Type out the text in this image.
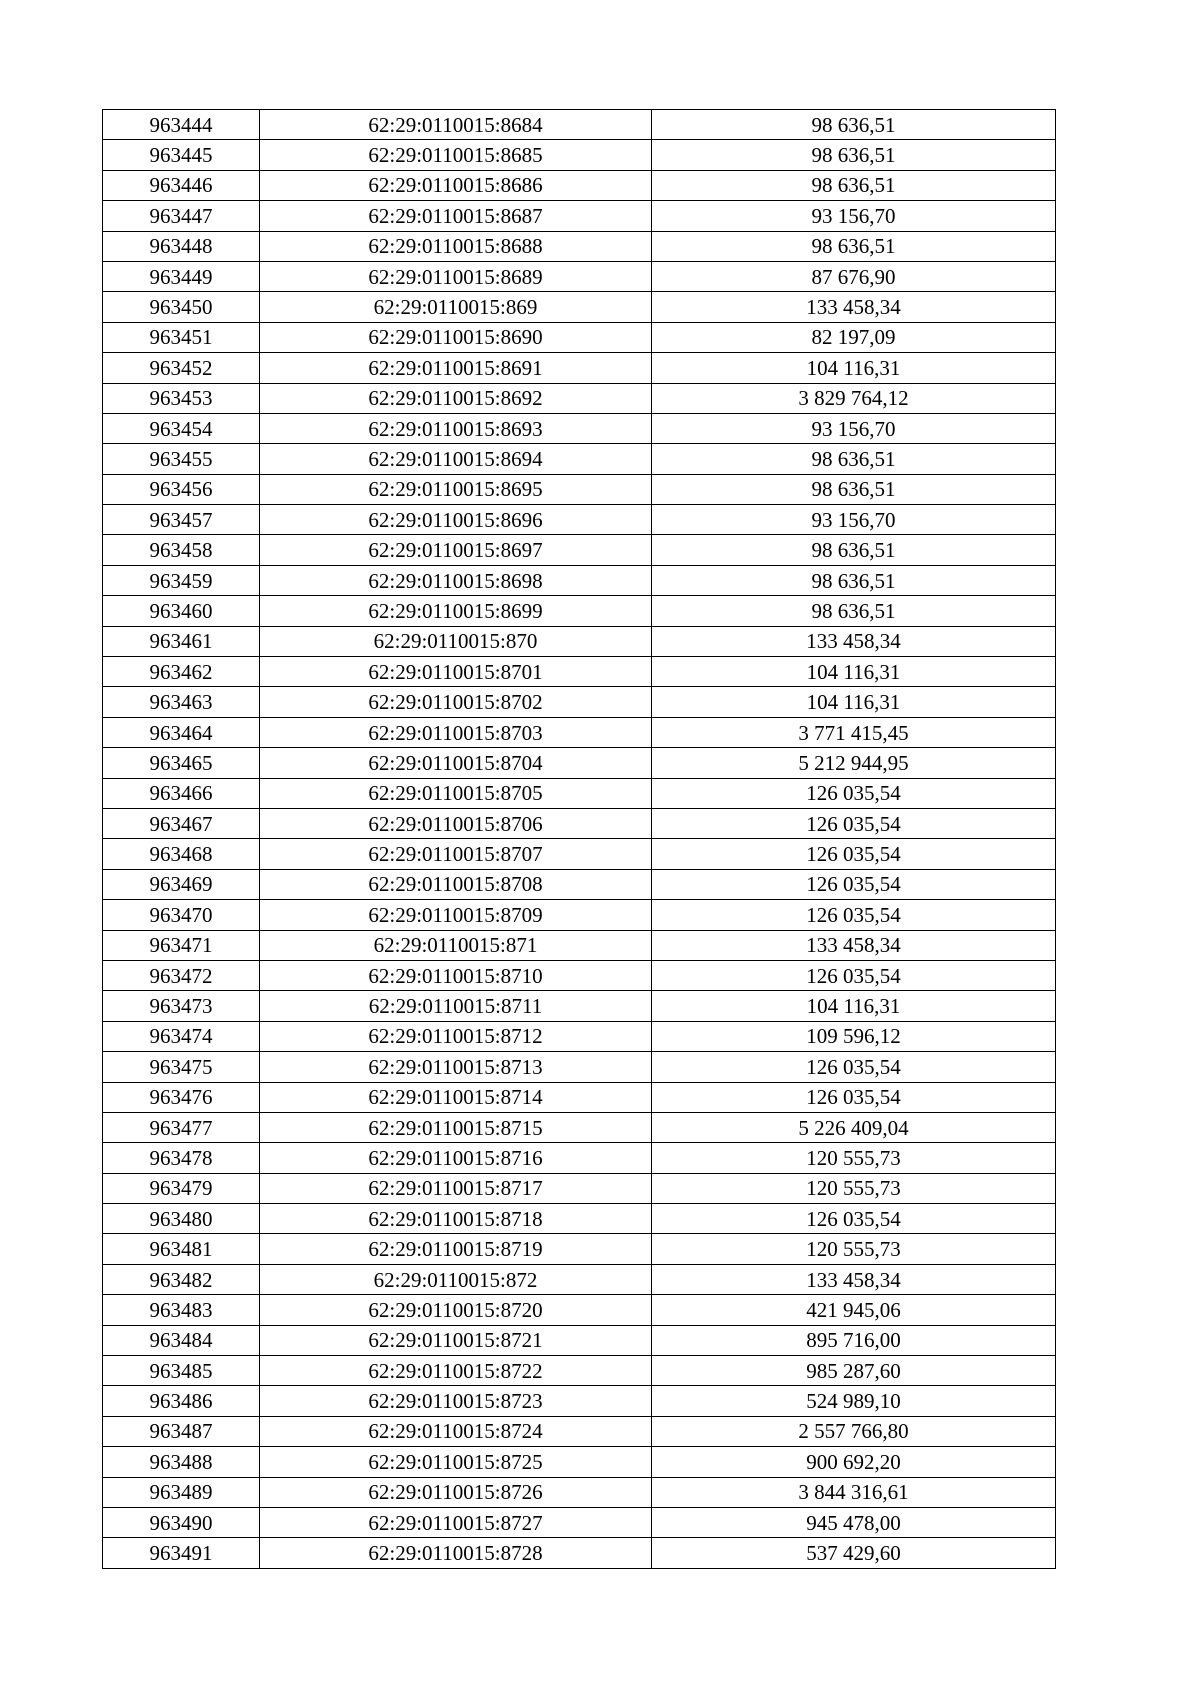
963444	62:29:0110015:8684	98 636,51
963445	62:29:0110015:8685	98 636,51
963446	62:29:0110015:8686	98 636,51
963447	62:29:0110015:8687	93 156,70
963448	62:29:0110015:8688	98 636,51
963449	62:29:0110015:8689	87 676,90
963450	62:29:0110015:869	133 458,34
963451	62:29:0110015:8690	82 197,09
963452	62:29:0110015:8691	104 116,31
963453	62:29:0110015:8692	3 829 764,12
963454	62:29:0110015:8693	93 156,70
963455	62:29:0110015:8694	98 636,51
963456	62:29:0110015:8695	98 636,51
963457	62:29:0110015:8696	93 156,70
963458	62:29:0110015:8697	98 636,51
963459	62:29:0110015:8698	98 636,51
963460	62:29:0110015:8699	98 636,51
963461	62:29:0110015:870	133 458,34
963462	62:29:0110015:8701	104 116,31
963463	62:29:0110015:8702	104 116,31
963464	62:29:0110015:8703	3 771 415,45
963465	62:29:0110015:8704	5 212 944,95
963466	62:29:0110015:8705	126 035,54
963467	62:29:0110015:8706	126 035,54
963468	62:29:0110015:8707	126 035,54
963469	62:29:0110015:8708	126 035,54
963470	62:29:0110015:8709	126 035,54
963471	62:29:0110015:871	133 458,34
963472	62:29:0110015:8710	126 035,54
963473	62:29:0110015:8711	104 116,31
963474	62:29:0110015:8712	109 596,12
963475	62:29:0110015:8713	126 035,54
963476	62:29:0110015:8714	126 035,54
963477	62:29:0110015:8715	5 226 409,04
963478	62:29:0110015:8716	120 555,73
963479	62:29:0110015:8717	120 555,73
963480	62:29:0110015:8718	126 035,54
963481	62:29:0110015:8719	120 555,73
963482	62:29:0110015:872	133 458,34
963483	62:29:0110015:8720	421 945,06
963484	62:29:0110015:8721	895 716,00
963485	62:29:0110015:8722	985 287,60
963486	62:29:0110015:8723	524 989,10
963487	62:29:0110015:8724	2 557 766,80
963488	62:29:0110015:8725	900 692,20
963489	62:29:0110015:8726	3 844 316,61
963490	62:29:0110015:8727	945 478,00
963491	62:29:0110015:8728	537 429,60
